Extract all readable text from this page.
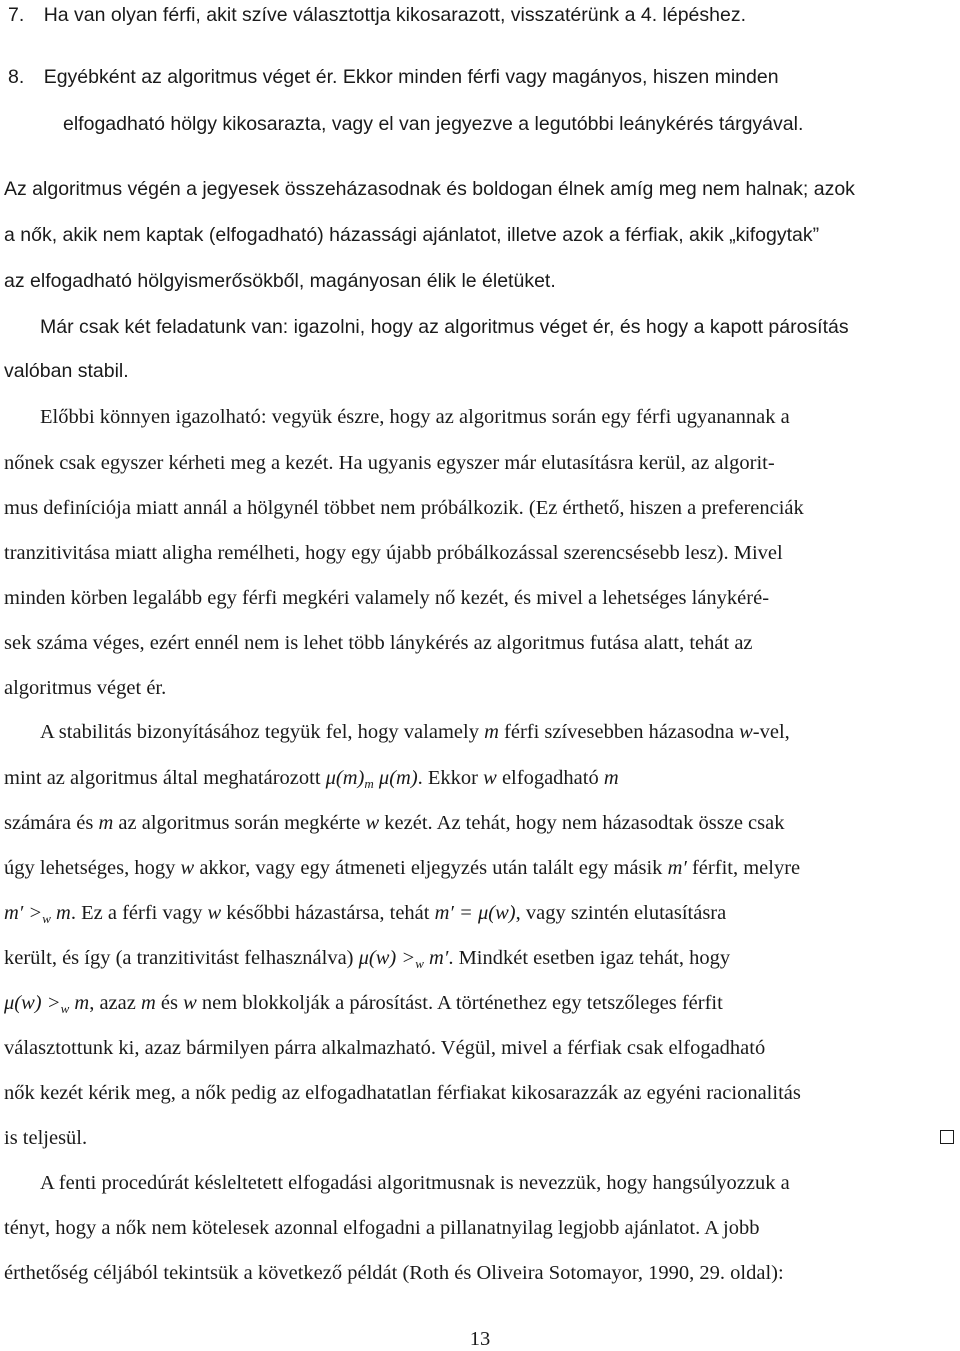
7. Ha van olyan férfi, akit szíve választottja kikosarazott, visszatérünk a 4. lépéshez.
8. Egyébként az algoritmus véget ér. Ekkor minden férfi vagy magányos, hiszen minden
elfogadható hölgy kikosarazta, vagy el van jegyezve a legutóbbi leánykérés tárgyával.
Az algoritmus végén a jegyesek összeházasodnak és boldogan élnek amíg meg nem halnak; azok
a nők, akik nem kaptak (elfogadható) házassági ajánlatot, illetve azok a férfiak, akik „kifogytak”
az elfogadható hölgyismerősökből, magányosan élik le életüket.
Már csak két feladatunk van: igazolni, hogy az algoritmus véget ér, és hogy a kapott párosítás
valóban stabil.
Előbbi könnyen igazolható: vegyük észre, hogy az algoritmus során egy férfi ugyanannak a
nőnek csak egyszer kérheti meg a kezét. Ha ugyanis egyszer már elutasításra kerül, az algorit-
mus definíciója miatt annál a hölgynél többet nem próbálkozik. (Ez érthető, hiszen a preferenciák
tranzitivitása miatt aligha remélheti, hogy egy újabb próbálkozással szerencsésebb lesz). Mivel
minden körben legalább egy férfi megkéri valamely nő kezét, és mivel a lehetséges lánykéré-
sek száma véges, ezért ennél nem is lehet több lánykérés az algoritmus futása alatt, tehát az
algoritmus véget ér.
A stabilitás bizonyításához tegyük fel, hogy valamely m férfi szívesebben házasodna w-vel,
mint az algoritmus által meghatározott $\mu(m)_m$ μ(m). Ekkor w elfogadható m
számára és m az algoritmus során megkérte w kezét. Az tehát, hogy nem házasodtak össze csak
úgy lehetséges, hogy w akkor, vagy egy átmeneti eljegyzés után talált egy másik m′ férfit, melyre
$m' >_w$ m. Ez a férfi vagy w későbbi házastársa, tehát m′ = μ(w), vagy szintén elutasításra
került, és így (a tranzitivitást felhasználva) $\mu(w) >_w$ m′. Mindkét esetben igaz tehát, hogy
$\mu(w) >_w$ m, azaz m és w nem blokkolják a párosítást. A történethez egy tetszőleges férfit
választottunk ki, azaz bármilyen párra alkalmazható. Végül, mivel a férfiak csak elfogadható
nők kezét kérik meg, a nők pedig az elfogadhatatlan férfiakat kikosarazzák az egyéni racionalitás
is teljesül.
A fenti procedúrát késleltetett elfogadási algoritmusnak is nevezzük, hogy hangsúlyozzuk a
tényt, hogy a nők nem kötelesek azonnal elfogadni a pillanatnyilag legjobb ajánlatot. A jobb
érthetőség céljából tekintsük a következő példát (Roth és Oliveira Sotomayor, 1990, 29. oldal):
13
